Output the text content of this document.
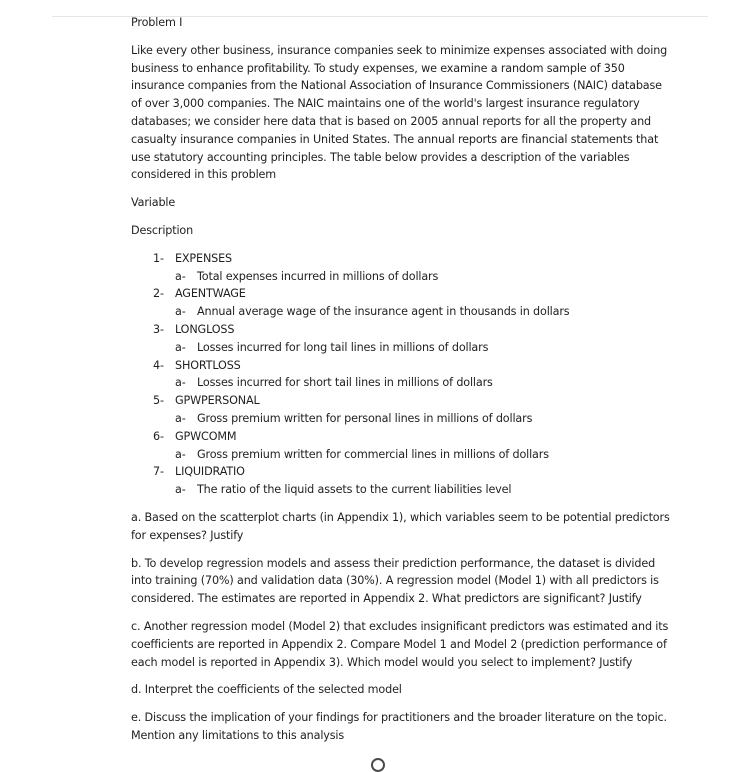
Problem I

Like every other business, insurance companies seek to minimize expenses associated with doing business to enhance profitability. To study expenses, we examine a random sample of 350 insurance companies from the National Association of Insurance Commissioners (NAIC) database of over 3,000 companies. The NAIC maintains one of the world's largest insurance regulatory databases; we consider here data that is based on 2005 annual reports for all the property and casualty insurance companies in United States. The annual reports are financial statements that use statutory accounting principles. The table below provides a description of the variables considered in this problem

Variable
Description
1- EXPENSES
a-	Total expenses incurred in millions of dollars
2- AGENTWAGE
a-	Annual average wage of the insurance agent in thousands in dollars
3- LONGLOSS
a-	Losses incurred for long tail lines in millions of dollars
4- SHORTLOSS
a-	Losses incurred for short tail lines in millions of dollars
5- GPWPERSONAL
a-	Gross premium written for personal lines in millions of dollars
6- GPWCOMM
a-	Gross premium written for commercial lines in millions of dollars
7- LIQUIDRATIO
a-	The ratio of the liquid assets to the current liabilities level

a. Based on the scatterplot charts (in Appendix 1), which variables seem to be potential predictors for expenses? Justify

b. To develop regression models and assess their prediction performance, the dataset is divided into training (70%) and validation data (30%). A regression model (Model 1) with all predictors is considered. The estimates are reported in Appendix 2. What predictors are significant? Justify

c. Another regression model (Model 2) that excludes insignificant predictors was estimated and its coefficients are reported in Appendix 2. Compare Model 1 and Model 2 (prediction performance of each model is reported in Appendix 3). Which model would you select to implement? Justify

d. Interpret the coefficients of the selected model

e. Discuss the implication of your findings for practitioners and the broader literature on the topic. Mention any limitations to this analysis
